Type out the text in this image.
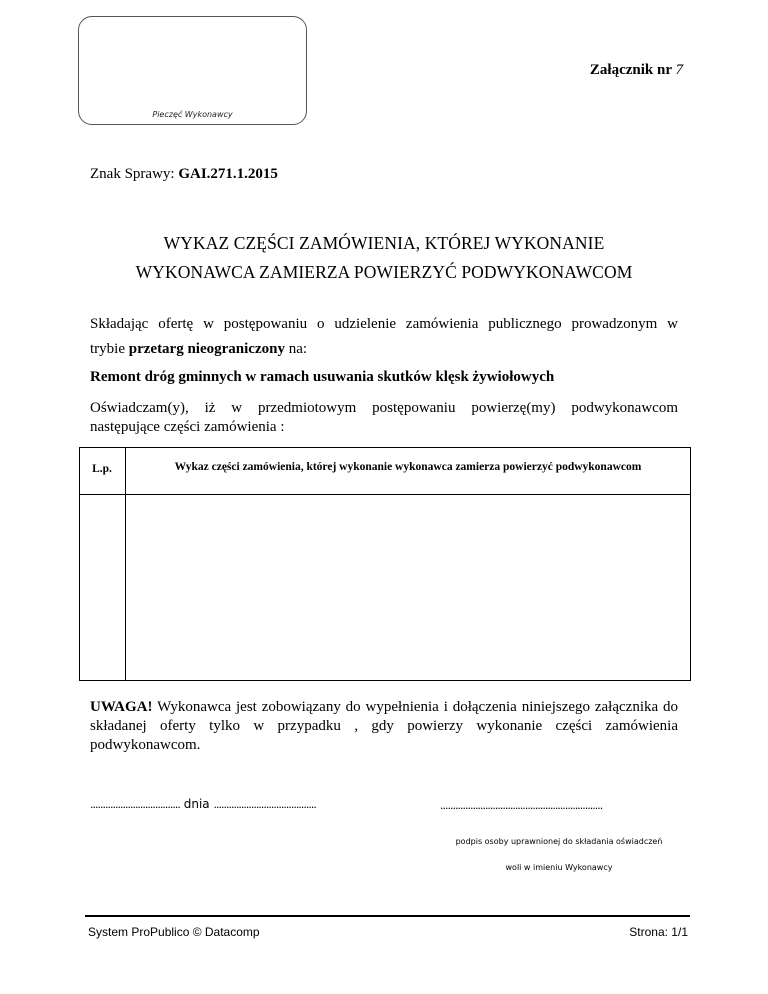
Pieczęć Wykonawcy
Załącznik nr 7
Znak Sprawy: GAI.271.1.2015
WYKAZ CZĘŚCI ZAMÓWIENIA, KTÓREJ WYKONANIE
WYKONAWCA ZAMIERZA POWIERZYĆ PODWYKONAWCOM
Składając ofertę w postępowaniu o udzielenie zamówienia publicznego prowadzonym w
trybie przetarg nieograniczony na:
Remont dróg gminnych w ramach usuwania skutków klęsk żywiołowych
Oświadczam(y), iż w przedmiotowym postępowaniu powierzę(my) podwykonawcom następujące części zamówienia :
L.p.	Wykaz części zamówienia, której wykonanie wykonawca zamierza powierzyć podwykonawcom
UWAGA! Wykonawca jest zobowiązany do wypełnienia i dołączenia niniejszego załącznika do składanej oferty tylko w przypadku , gdy powierzy wykonanie części zamówienia podwykonawcom.
.................................... dnia .........................................	.................................................................
podpis osoby uprawnionej do składania oświadczeń
woli w imieniu Wykonawcy
System ProPublico © Datacomp	Strona: 1/1
